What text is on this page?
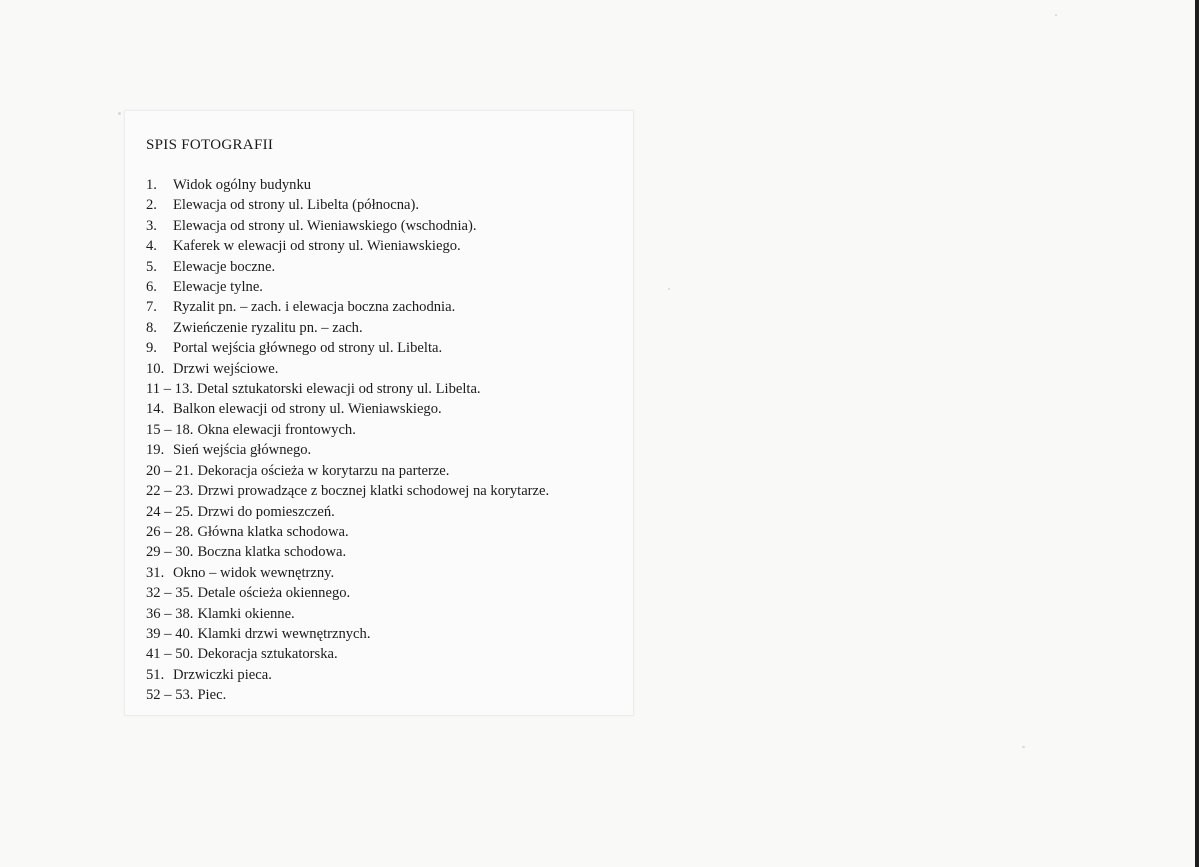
SPIS FOTOGRAFII
1. Widok ogólny budynku
2. Elewacja od strony ul. Libelta (północna).
3. Elewacja od strony ul. Wieniawskiego (wschodnia).
4. Kaferek w elewacji od strony ul. Wieniawskiego.
5. Elewacje boczne.
6. Elewacje tylne.
7. Ryzalit pn. – zach. i elewacja boczna zachodnia.
8. Zwieńczenie ryzalitu pn. – zach.
9. Portal wejścia głównego od strony ul. Libelta.
10. Drzwi wejściowe.
11 – 13. Detal sztukatorski elewacji od strony ul. Libelta.
14. Balkon elewacji od strony ul. Wieniawskiego.
15 – 18. Okna elewacji frontowych.
19. Sień wejścia głównego.
20 – 21. Dekoracja ościeża w korytarzu na parterze.
22 – 23. Drzwi prowadzące z bocznej klatki schodowej na korytarze.
24 – 25. Drzwi do pomieszczeń.
26 – 28. Główna klatka schodowa.
29 – 30. Boczna klatka schodowa.
31. Okno – widok wewnętrzny.
32 – 35. Detale ościeża okiennego.
36 – 38. Klamki okienne.
39 – 40. Klamki drzwi wewnętrznych.
41 – 50. Dekoracja sztukatorska.
51. Drzwiczki pieca.
52 – 53. Piec.
